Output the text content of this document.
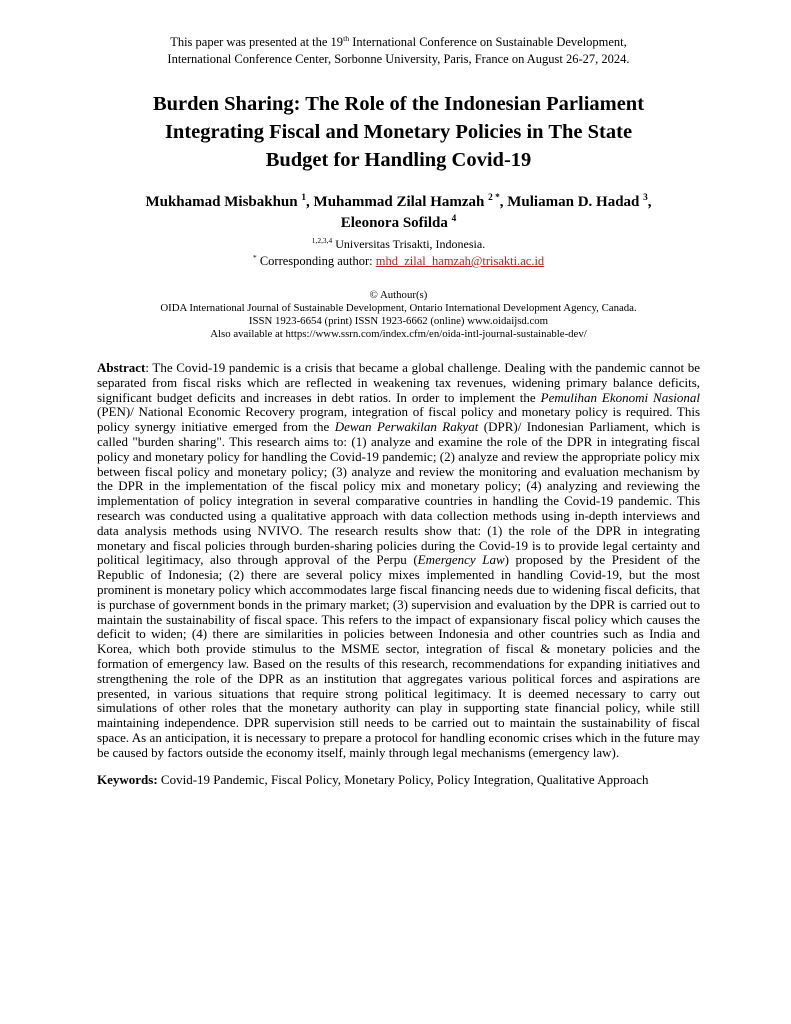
This paper was presented at the 19th International Conference on Sustainable Development,
International Conference Center, Sorbonne University, Paris, France on August 26-27, 2024.
Burden Sharing: The Role of the Indonesian Parliament
Integrating Fiscal and Monetary Policies in The State
Budget for Handling Covid-19
Mukhamad Misbakhun $^1$, Muhammad Zilal Hamzah $^{2 *}$, Muliaman D. Hadad $^3$,
Eleonora Sofilda $^4$
$^{1,2,3,4}$ Universitas Trisakti, Indonesia.
* Corresponding author: mhd_zilal_hamzah@trisakti.ac.id
© Authour(s)
OIDA International Journal of Sustainable Development, Ontario International Development Agency, Canada.
ISSN 1923-6654 (print) ISSN 1923-6662 (online) www.oidaijsd.com
Also available at https://www.ssrn.com/index.cfm/en/oida-intl-journal-sustainable-dev/

Abstract: The Covid-19 pandemic is a crisis that became a global challenge. Dealing with the pandemic cannot be separated from fiscal risks which are reflected in weakening tax revenues, widening primary balance deficits, significant budget deficits and increases in debt ratios. In order to implement the Pemulihan Ekonomi Nasional (PEN)/ National Economic Recovery program, integration of fiscal policy and monetary policy is required. This policy synergy initiative emerged from the Dewan Perwakilan Rakyat (DPR)/ Indonesian Parliament, which is called "burden sharing". This research aims to: (1) analyze and examine the role of the DPR in integrating fiscal policy and monetary policy for handling the Covid-19 pandemic; (2) analyze and review the appropriate policy mix between fiscal policy and monetary policy; (3) analyze and review the monitoring and evaluation mechanism by the DPR in the implementation of the fiscal policy mix and monetary policy; (4) analyzing and reviewing the implementation of policy integration in several comparative countries in handling the Covid-19 pandemic. This research was conducted using a qualitative approach with data collection methods using in-depth interviews and data analysis methods using NVIVO. The research results show that: (1) the role of the DPR in integrating monetary and fiscal policies through burden-sharing policies during the Covid-19 is to provide legal certainty and political legitimacy, also through approval of the Perpu (Emergency Law) proposed by the President of the Republic of Indonesia; (2) there are several policy mixes implemented in handling Covid-19, but the most prominent is monetary policy which accommodates large fiscal financing needs due to widening fiscal deficits, that is purchase of government bonds in the primary market; (3) supervision and evaluation by the DPR is carried out to maintain the sustainability of fiscal space. This refers to the impact of expansionary fiscal policy which causes the deficit to widen; (4) there are similarities in policies between Indonesia and other countries such as India and Korea, which both provide stimulus to the MSME sector, integration of fiscal & monetary policies and the formation of emergency law. Based on the results of this research, recommendations for expanding initiatives and strengthening the role of the DPR as an institution that aggregates various political forces and aspirations are presented, in various situations that require strong political legitimacy. It is deemed necessary to carry out simulations of other roles that the monetary authority can play in supporting state financial policy, while still maintaining independence. DPR supervision still needs to be carried out to maintain the sustainability of fiscal space. As an anticipation, it is necessary to prepare a protocol for handling economic crises which in the future may be caused by factors outside the economy itself, mainly through legal mechanisms (emergency law).

Keywords: Covid-19 Pandemic, Fiscal Policy, Monetary Policy, Policy Integration, Qualitative Approach
